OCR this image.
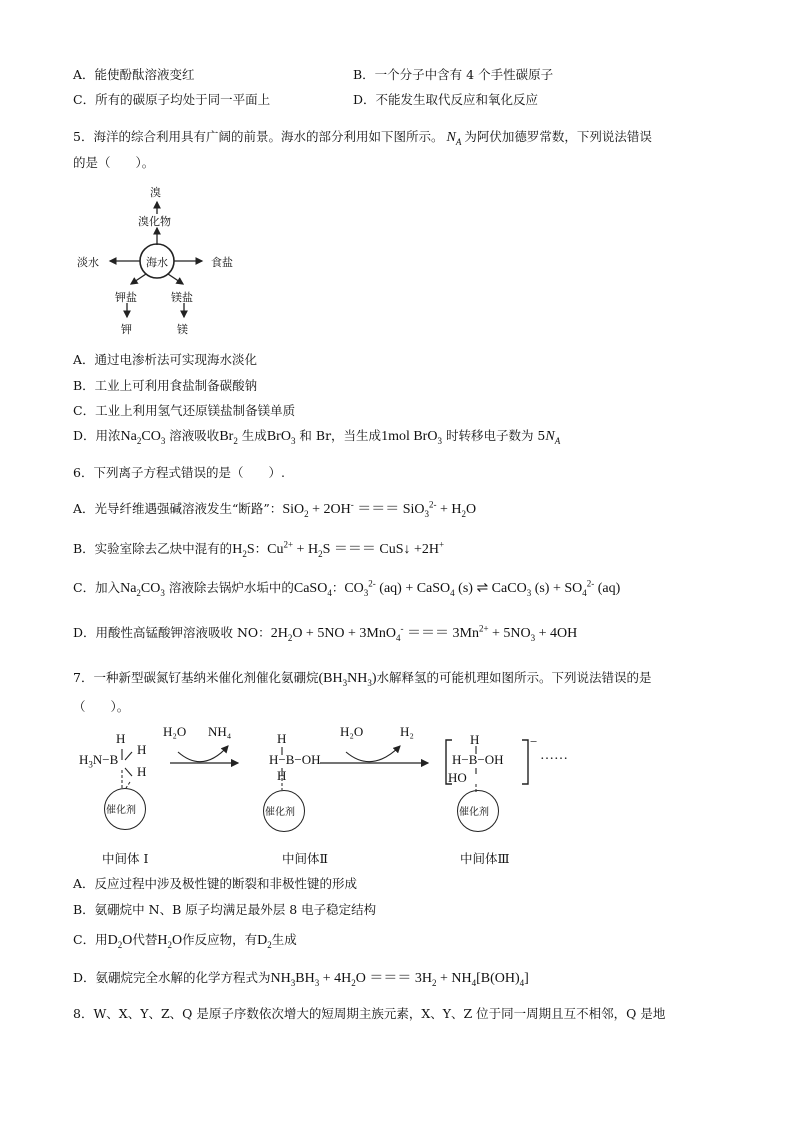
A．能使酚酞溶液变红	B．一个分子中含有 4 个手性碳原子
C．所有的碳原子均处于同一平面上	D．不能发生取代反应和氧化反应
5．海洋的综合利用具有广阔的前景。海水的部分利用如下图所示。 $N_A$ 为阿伏加德罗常数，下列说法错误
的是（　　）。
溴
溴化物
海水
淡水	食盐
钾盐	镁盐
钾	镁
A．通过电渗析法可实现海水淡化
B．工业上可利用食盐制备碳酸钠
C．工业上利用氢气还原镁盐制备镁单质
D．用浓$Na_2CO_3$ 溶液吸收$Br_2$ 生成BrO$_3$ 和 Br，当生成1mol BrO$_3$ 时转移电子数为 $5N_A$
6．下列离子方程式错误的是（　　）.
A．光导纤维遇强碱溶液发生“断路”：SiO$_2$ + 2OH- ＝＝＝ $SiO_3^{2-} + H_2O$
B．实验室除去乙炔中混有的$H_2S$：$Cu^{2+} + H_2S$ ＝＝＝ CuS↓ +2H+
C．加入$Na_2CO_3$ 溶液除去锅炉水垢中的CaSO$_4$：$CO_3^{2-}$ (aq) + CaSO$_4$ (s) ⇌ CaCO$_3$ $(s) + SO_4^{2-}$ (aq)
D．用酸性高锰酸钾溶液吸收 NO：$2H_2O + 5NO + 3MnO_4^-$ ＝＝＝ $3Mn^{2+} + 5NO_3 + 4OH$
7．一种新型碳氮钌基纳米催化剂催化氨硼烷$(BH_3NH_3)$水解释氢的可能机理如图所示。下列说法错误的是
（　　）。
H
$H_3N-B$
H
H
催化剂
H₂O NH₄	H
H−B−OH
H
催化剂
H₂O	H₂
H
H−B−OH
HO
−
……
催化剂
中间体 Ⅰ	中间体Ⅱ	中间体Ⅲ
A．反应过程中涉及极性键的断裂和非极性键的形成
B．氨硼烷中 N、B 原子均满足最外层 8 电子稳定结构
C．用$D_2O$代替$H_2O$作反应物，有$D_2$生成
D．氨硼烷完全水解的化学方程式为$NH_3BH_3 + 4H_2O$ ＝＝＝ $3H_2 + NH_4[B(OH)_4]$
8．W、X、Y、Z、Q 是原子序数依次增大的短周期主族元素，X、Y、Z 位于同一周期且互不相邻，Q 是地
